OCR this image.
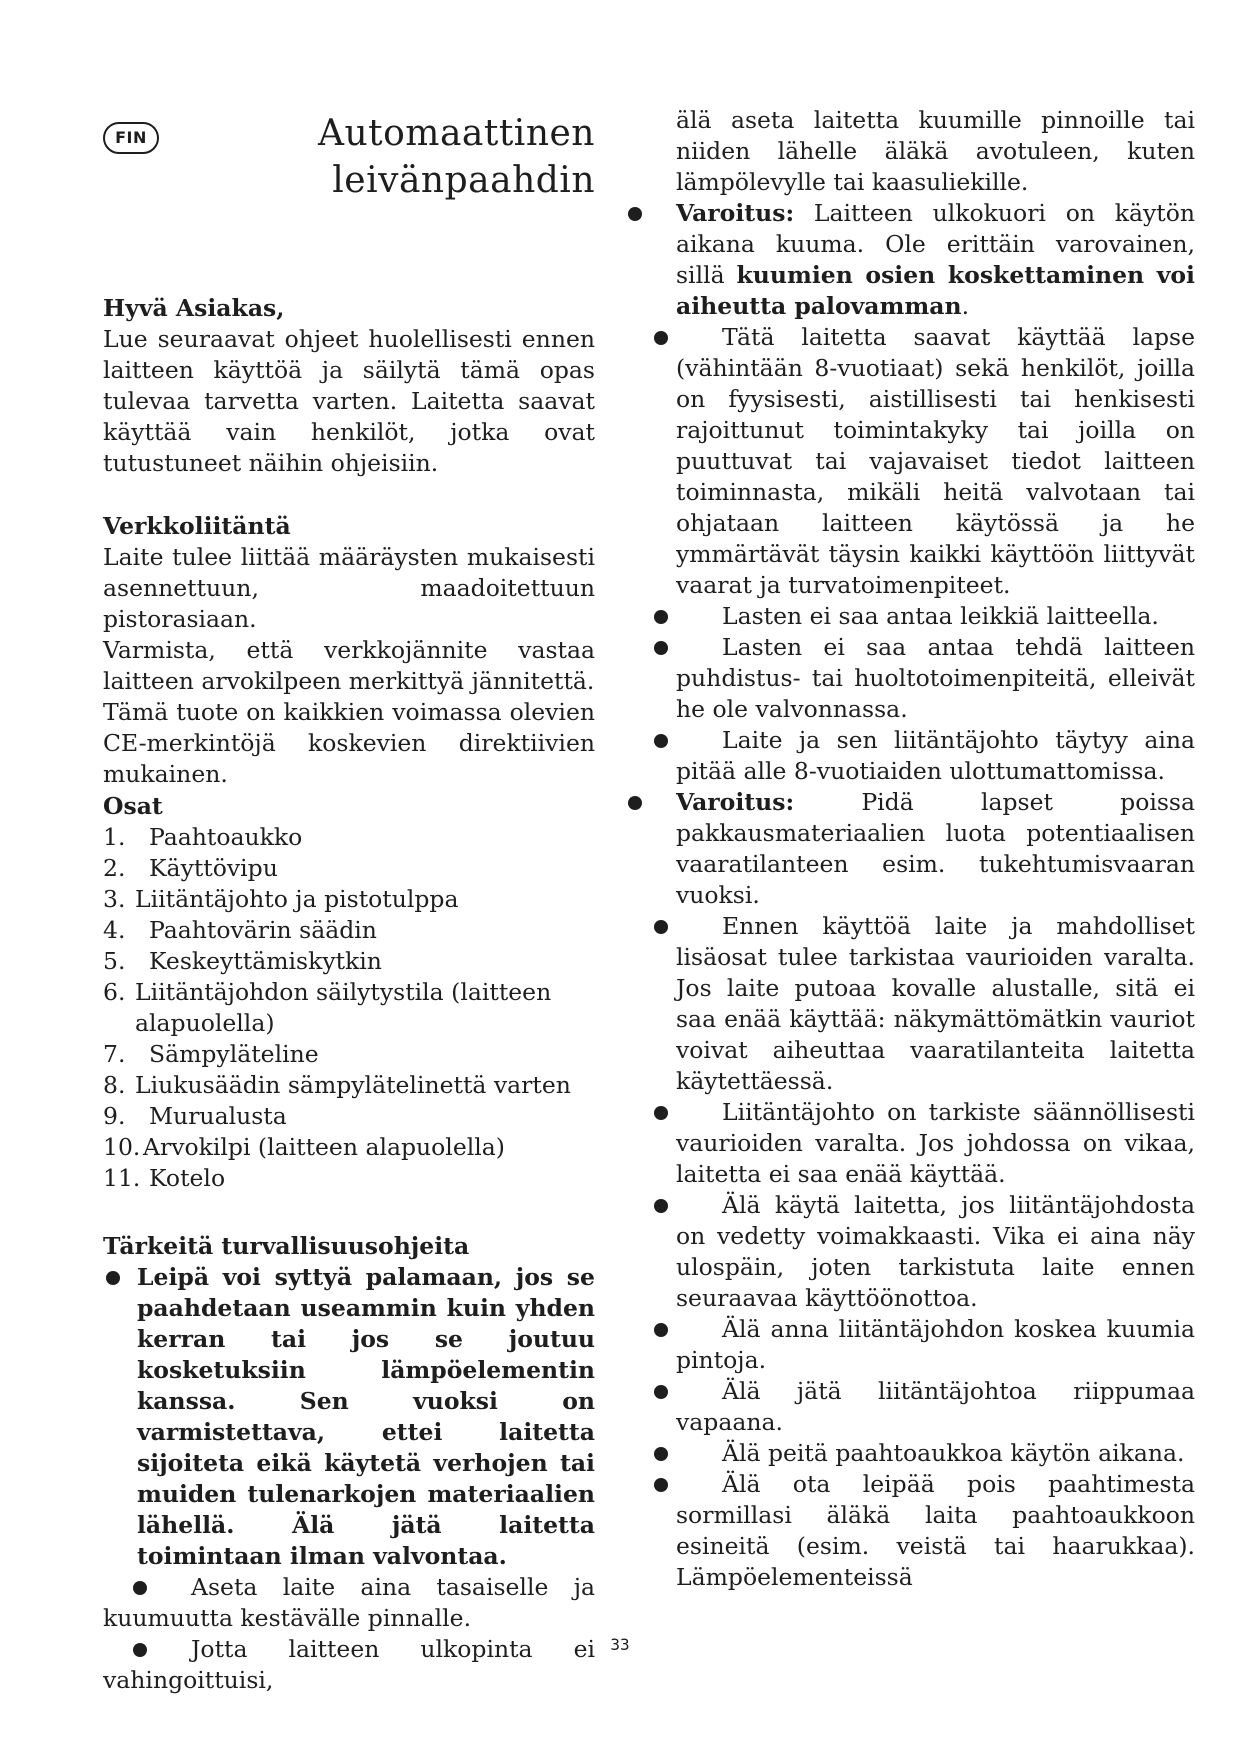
FIN	Automaattinen
leivänpaahdin
Hyvä Asiakas,
Lue seuraavat ohjeet huolellisesti ennen laitteen käyttöä ja säilytä tämä opas tulevaa tarvetta varten. Laitetta saavat käyttää vain henkilöt, jotka ovat tutustuneet näihin ohjeisiin.
Verkkoliitäntä
Laite tulee liittää määräysten mukaisesti asennettuun, maadoitettuun pistorasiaan.
Varmista, että verkkojännite vastaa laitteen arvokilpeen merkittyä jännitettä.
Tämä tuote on kaikkien voimassa olevien CE-merkintöjä koskevien direktiivien mukainen.
Osat
1.	Paahtoaukko
2.	Käyttövipu
3. Liitäntäjohto ja pistotulppa
4.	Paahtovärin säädin
5.	Keskeyttämiskytkin
6. Liitäntäjohdon säilytystila (laitteen alapuolella)
7.	Sämpyläteline
8. Liukusäädin sämpylätelinettä varten
9.	Murualusta
10. Arvokilpi (laitteen alapuolella)
11. Kotelo
Tärkeitä turvallisuusohjeita
Leipä voi syttyä palamaan, jos se paahdetaan useammin kuin yhden kerran tai jos se joutuu kosketuksiin lämpöelementin kanssa. Sen vuoksi on varmistettava, ettei laitetta sijoiteta eikä käytetä verhojen tai muiden tulenarkojen materiaalien lähellä. Älä jätä laitetta toimintaan ilman valvontaa.
Aseta laite aina tasaiselle ja kuumuutta kestävälle pinnalle.
Jotta laitteen ulkopinta ei vahingoittuisi,
älä aseta laitetta kuumille pinnoille tai niiden lähelle äläkä avotuleen, kuten lämpölevylle tai kaasuliekille.
Varoitus: Laitteen ulkokuori on käytön aikana kuuma. Ole erittäin varovainen, sillä kuumien osien koskettaminen voi aiheutta palovamman.
Tätä laitetta saavat käyttää lapse (vähintään 8-vuotiaat) sekä henkilöt, joilla on fyysisesti, aistillisesti tai henkisesti rajoittunut toimintakyky tai joilla on puuttuvat tai vajavaiset tiedot laitteen toiminnasta, mikäli heitä valvotaan tai ohjataan laitteen käytössä ja he ymmärtävät täysin kaikki käyttöön liittyvät vaarat ja turvatoimenpiteet.
Lasten ei saa antaa leikkiä laitteella.
Lasten ei saa antaa tehdä laitteen puhdistus- tai huoltotoimenpiteitä, elleivät he ole valvonnassa.
Laite ja sen liitäntäjohto täytyy aina pitää alle 8-vuotiaiden ulottumattomissa.
Varoitus:	Pidä lapset poissa pakkausmateriaalien luota potentiaalisen vaaratilanteen esim. tukehtumisvaaran vuoksi.
Ennen käyttöä laite ja mahdolliset lisäosat tulee tarkistaa vaurioiden varalta. Jos laite putoaa kovalle alustalle, sitä ei saa enää käyttää: näkymättömätkin vauriot voivat aiheuttaa vaaratilanteita laitetta käytettäessä.
Liitäntäjohto on tarkiste säännöllisesti vaurioiden varalta. Jos johdossa on vikaa, laitetta ei saa enää käyttää.
Älä käytä laitetta, jos liitäntäjohdosta on vedetty voimakkaasti. Vika ei aina näy ulospäin, joten tarkistuta laite ennen seuraavaa käyttöönottoa.
Älä anna liitäntäjohdon koskea kuumia pintoja.
Älä jätä liitäntäjohtoa riippumaa vapaana.
Älä peitä paahtoaukkoa käytön aikana.
Älä ota leipää pois paahtimesta sormillasi äläkä laita paahtoaukkoon esineitä (esim. veistä tai haarukkaa). Lämpöelementeissä
33
